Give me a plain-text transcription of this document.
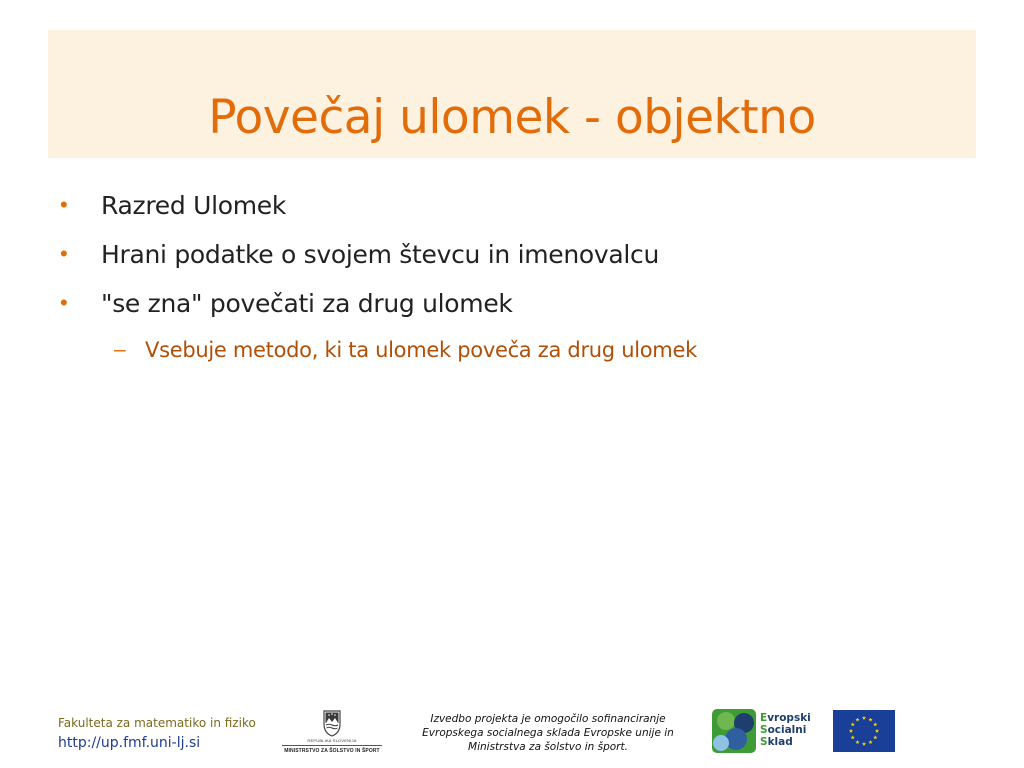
Povečaj ulomek - objektno
• Razred Ulomek
• Hrani podatke o svojem števcu in imenovalcu
• "se zna" povečati za drug ulomek
– Vsebuje metodo, ki ta ulomek poveča za drug ulomek
Fakulteta za matematiko in fiziko
http://up.fmf.uni-lj.si	REPUBLIKA SLOVENIJA
MINISTRSTVO ZA ŠOLSTVO IN ŠPORT
Izvedbo projekta je omogočilo sofinanciranje
Evropskega socialnega sklada Evropske unije in
Ministrstva za šolstvo in šport.
Evropski
Socialni
Sklad
